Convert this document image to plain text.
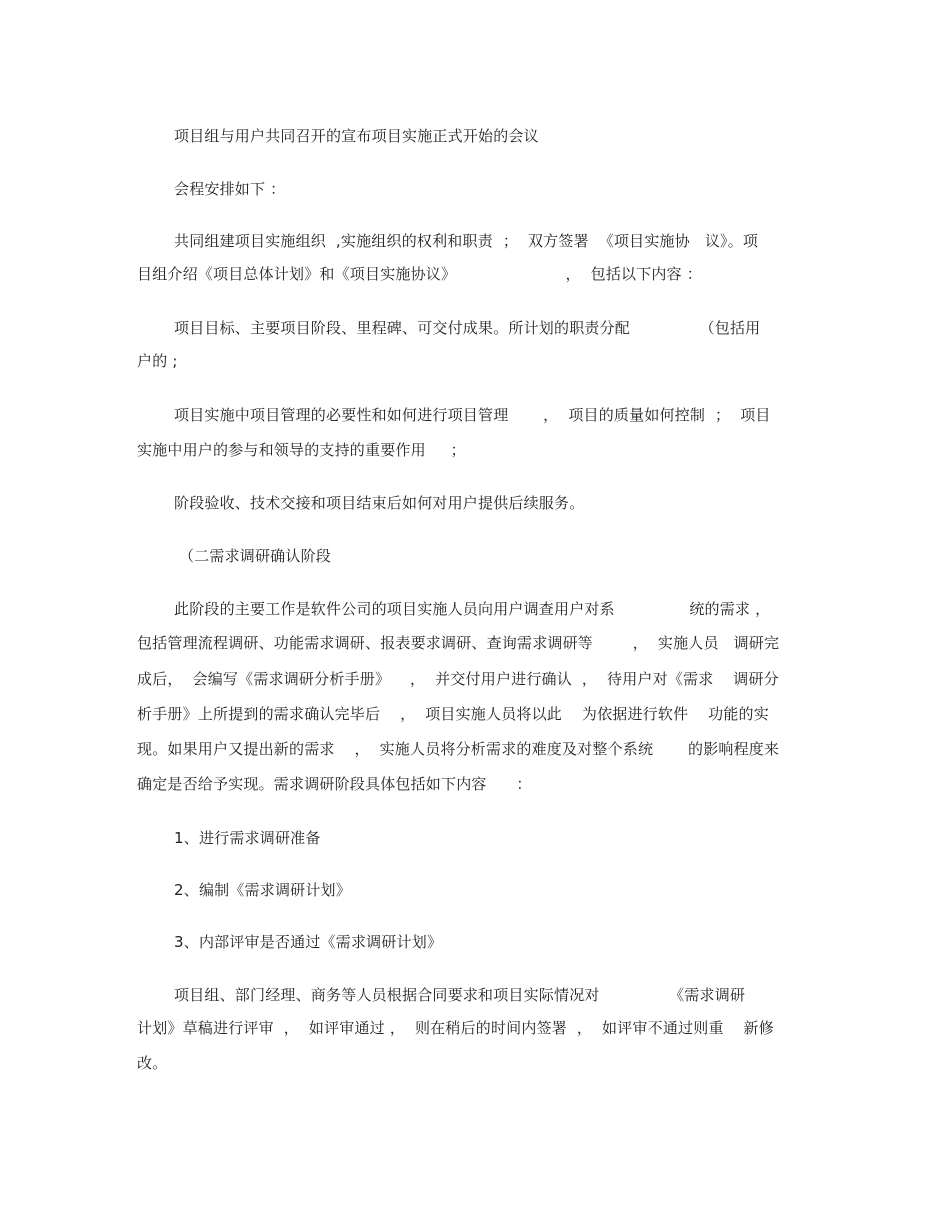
项目组与用户共同召开的宣布项目实施正式开始的会议
会程安排如下 ：
共同组建项目实施组织  ,实施组织的权利和职责  ；  双方签署  《项目实施协   议》。项
目组介绍《项目总体计划》和《项目实施协议》                      ，  包括以下内容 ：
项目目标、主要项目阶段、里程碑、可交付成果。所计划的职责分配              （包括用
户的 ;
项目实施中项目管理的必要性和如何进行项目管理       ，  项目的质量如何控制  ；  项目
实施中用户的参与和领导的支持的重要作用     ；
阶段验收、技术交接和项目结束后如何对用户提供后续服务。
（二需求调研确认阶段
此阶段的主要工作是软件公司的项目实施人员向用户调查用户对系               统的需求 ，
包括管理流程调研、功能需求调研、报表要求调研、查询需求调研等        ，  实施人员   调研完
成后，  会编写《需求调研分析手册》    ，  并交付用户进行确认  ，  待用户对《需求    调研分
析手册》上所提到的需求确认完毕后    ，  项目实施人员将以此    为依据进行软件    功能的实
现。如果用户又提出新的需求    ，  实施人员将分析需求的难度及对整个系统       的影响程度来
确定是否给予实现。需求调研阶段具体包括如下内容      ：
1、进行需求调研准备
2、编制《需求调研计划》
3、内部评审是否通过《需求调研计划》
项目组、部门经理、商务等人员根据合同要求和项目实际情况对              《需求调研
计划》草稿进行评审  ，  如评审通过 ，  则在稍后的时间内签署  ，  如评审不通过则重    新修
改。
